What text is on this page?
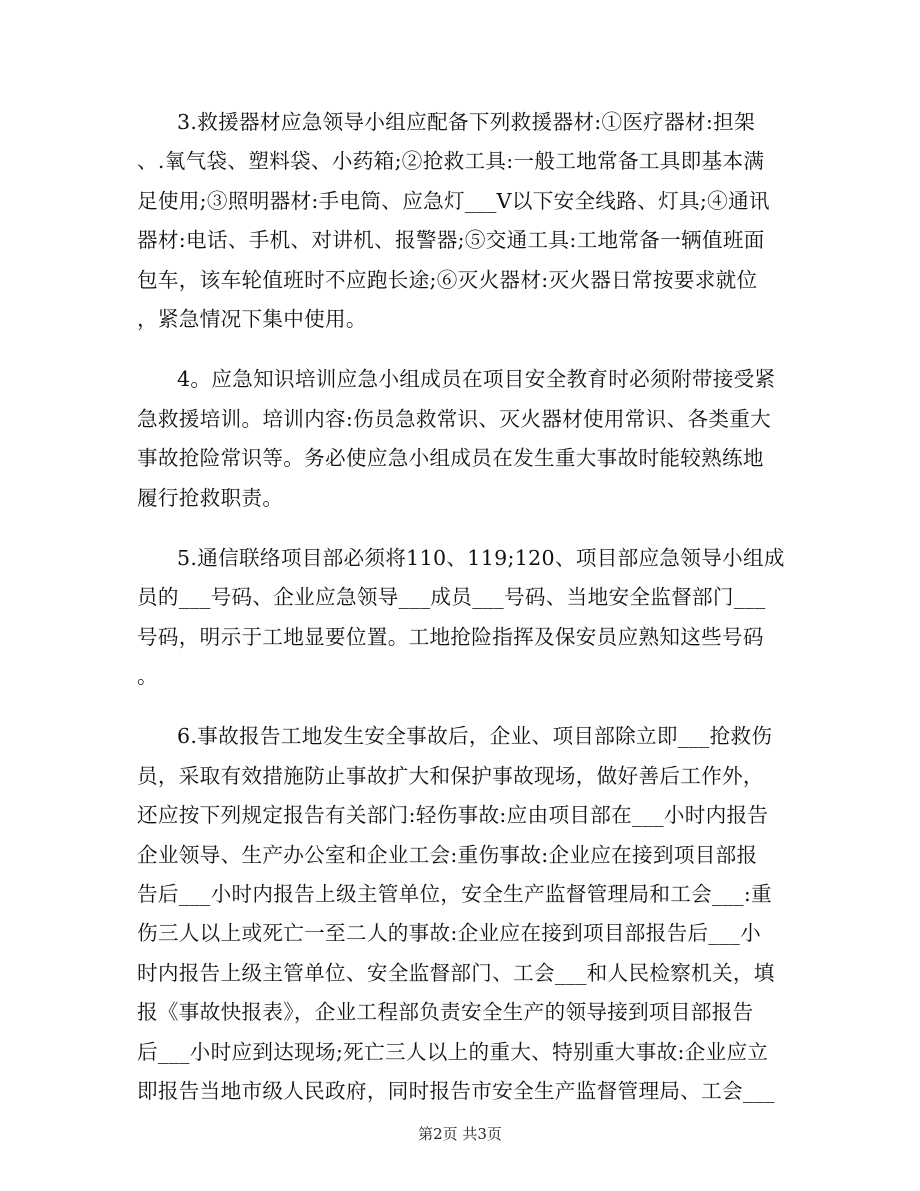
3.救援器材应急领导小组应配备下列救援器材:①医疗器材:担架
、.氧气袋、塑料袋、小药箱;②抢救工具:一般工地常备工具即基本满
足使用;③照明器材:手电筒、应急灯___V以下安全线路、灯具;④通讯
器材:电话、手机、对讲机、报警器;⑤交通工具:工地常备一辆值班面
包车，该车轮值班时不应跑长途;⑥灭火器材:灭火器日常按要求就位
，紧急情况下集中使用。
4。应急知识培训应急小组成员在项目安全教育时必须附带接受紧
急救援培训。培训内容:伤员急救常识、灭火器材使用常识、各类重大
事故抢险常识等。务必使应急小组成员在发生重大事故时能较熟练地
履行抢救职责。
5.通信联络项目部必须将110、119;120、项目部应急领导小组成
员的___号码、企业应急领导___成员___号码、当地安全监督部门___
号码，明示于工地显要位置。工地抢险指挥及保安员应熟知这些号码
。
6.事故报告工地发生安全事故后，企业、项目部除立即___抢救伤
员，采取有效措施防止事故扩大和保护事故现场，做好善后工作外，
还应按下列规定报告有关部门:轻伤事故:应由项目部在___小时内报告
企业领导、生产办公室和企业工会:重伤事故:企业应在接到项目部报
告后___小时内报告上级主管单位，安全生产监督管理局和工会___:重
伤三人以上或死亡一至二人的事故:企业应在接到项目部报告后___小
时内报告上级主管单位、安全监督部门、工会___和人民检察机关，填
报《事故快报表》，企业工程部负责安全生产的领导接到项目部报告
后___小时应到达现场;死亡三人以上的重大、特别重大事故:企业应立
即报告当地市级人民政府，同时报告市安全生产监督管理局、工会___
第2页 共3页
